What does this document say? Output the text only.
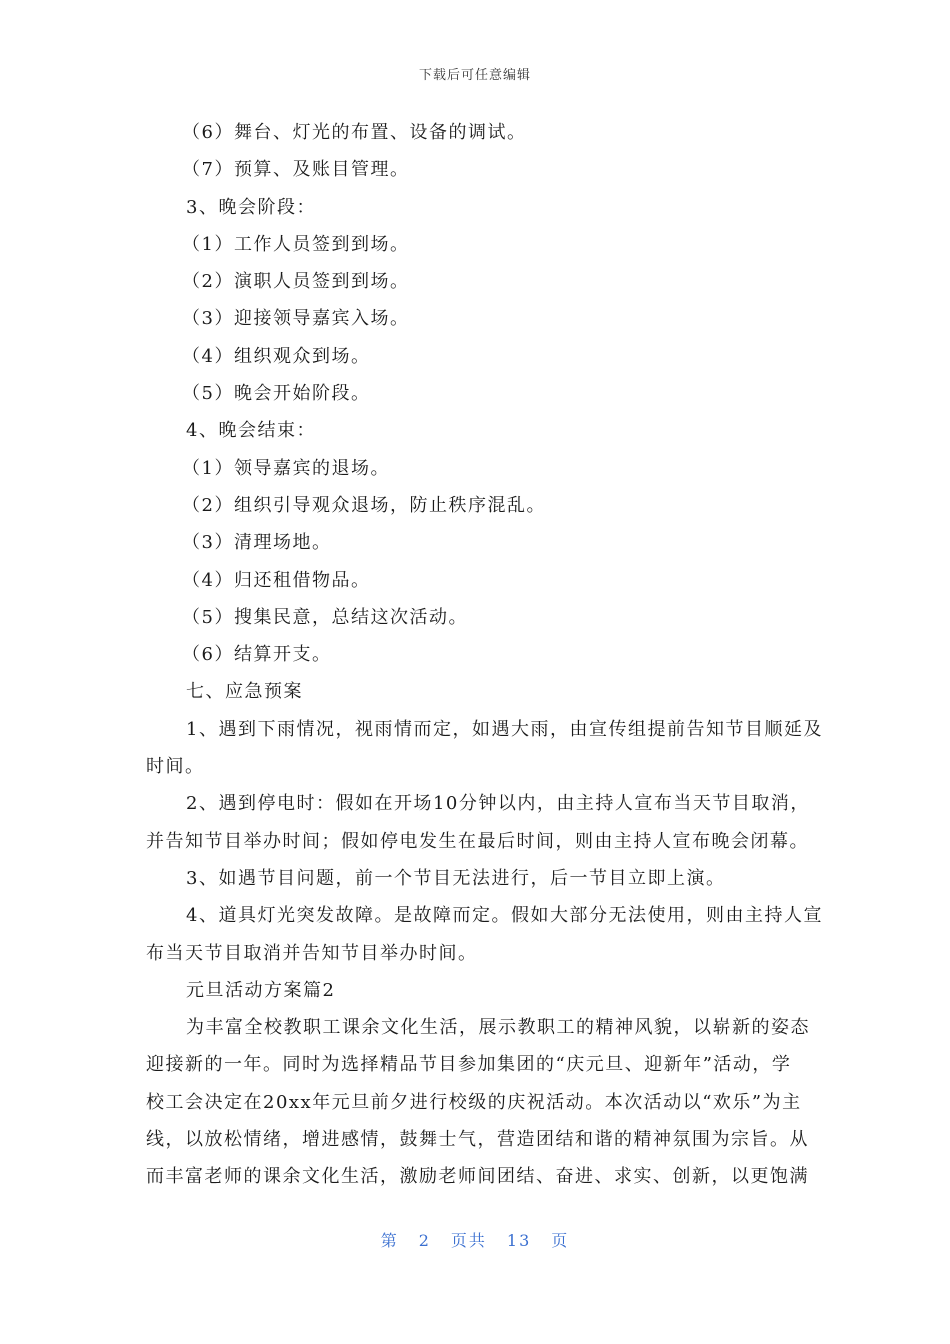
下载后可任意编辑
（6）舞台、灯光的布置、设备的调试。
（7）预算、及账目管理。
3、晚会阶段：
（1）工作人员签到到场。
（2）演职人员签到到场。
（3）迎接领导嘉宾入场。
（4）组织观众到场。
（5）晚会开始阶段。
4、晚会结束：
（1）领导嘉宾的退场。
（2）组织引导观众退场，防止秩序混乱。
（3）清理场地。
（4）归还租借物品。
（5）搜集民意，总结这次活动。
（6）结算开支。
七、应急预案
1、遇到下雨情况，视雨情而定，如遇大雨，由宣传组提前告知节目顺延及
时间。
2、遇到停电时：假如在开场10分钟以内，由主持人宣布当天节目取消，
并告知节目举办时间；假如停电发生在最后时间，则由主持人宣布晚会闭幕。
3、如遇节目问题，前一个节目无法进行，后一节目立即上演。
4、道具灯光突发故障。是故障而定。假如大部分无法使用，则由主持人宣
布当天节目取消并告知节目举办时间。
元旦活动方案篇2
为丰富全校教职工课余文化生活，展示教职工的精神风貌，以崭新的姿态
迎接新的一年。同时为选择精品节目参加集团的“庆元旦、迎新年”活动，学
校工会决定在20xx年元旦前夕进行校级的庆祝活动。本次活动以“欢乐”为主
线，以放松情绪，增进感情，鼓舞士气，营造团结和谐的精神氛围为宗旨。从
而丰富老师的课余文化生活，激励老师间团结、奋进、求实、创新，以更饱满
第 2 页共 13 页
